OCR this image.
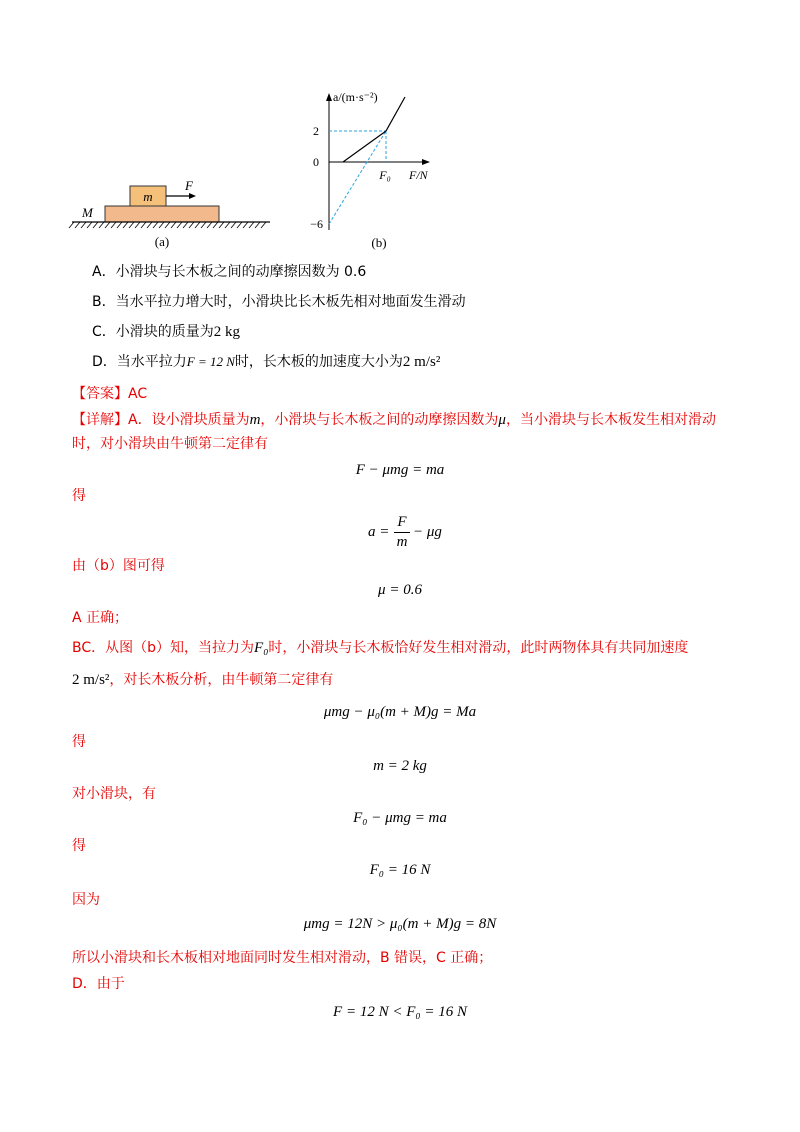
m
F
M
(a)
a/(m·s⁻²)
2
0
−6
F₀ F/N
(b)
A．小滑块与长木板之间的动摩擦因数为 0.6
B．当水平拉力增大时，小滑块比长木板先相对地面发生滑动
C．小滑块的质量为2 kg
D．当水平拉力F = 12 N时，长木板的加速度大小为2 m/s²
【答案】AC
【详解】A．设小滑块质量为m，小滑块与长木板之间的动摩擦因数为μ，当小滑块与长木板发生相对滑动
时，对小滑块由牛顿第二定律有
F − μmg = ma
得
a =
F
m
− μg
由（b）图可得
μ = 0.6
A 正确；
BC．从图（b）知，当拉力为F₀时，小滑块与长木板恰好发生相对滑动，此时两物体具有共同加速度
2 m/s²，对长木板分析，由牛顿第二定律有
μmg − μ₀(m + M)g = Ma
得
m = 2 kg
对小滑块，有
F₀ − μmg = ma
得
F₀ = 16 N
因为
μmg = 12N > μ₀(m + M)g = 8N
所以小滑块和长木板相对地面同时发生相对滑动，B 错误，C 正确；
D．由于
F = 12 N < F₀ = 16 N
